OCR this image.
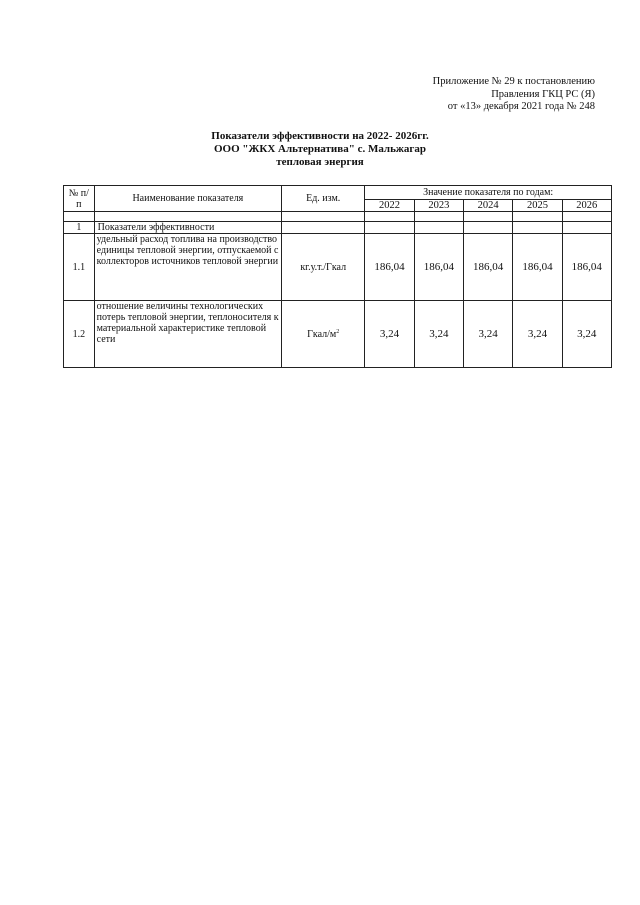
Приложение № 29 к постановлению
Правления ГКЦ РС (Я)
от «13» декабря 2021 года № 248
Показатели эффективности на 2022- 2026гг.
ООО "ЖКХ Альтернатива" с. Мальжагар
тепловая энергия
№ п/п	Наименование показателя	Ед. изм.	Значение показателя по годам:				
			2022	2023	2024	2025	2026

1	Показатели эффективности						
1.1	удельный расход топлива на производство единицы тепловой энергии, отпускаемой с коллекторов источников тепловой энергии	кг.у.т./Гкал	186,04	186,04	186,04	186,04	186,04
1.2	отношение величины технологических потерь тепловой энергии, теплоносителя к материальной характеристике тепловой сети	Гкал/$м^2$	3,24	3,24	3,24	3,24	3,24
